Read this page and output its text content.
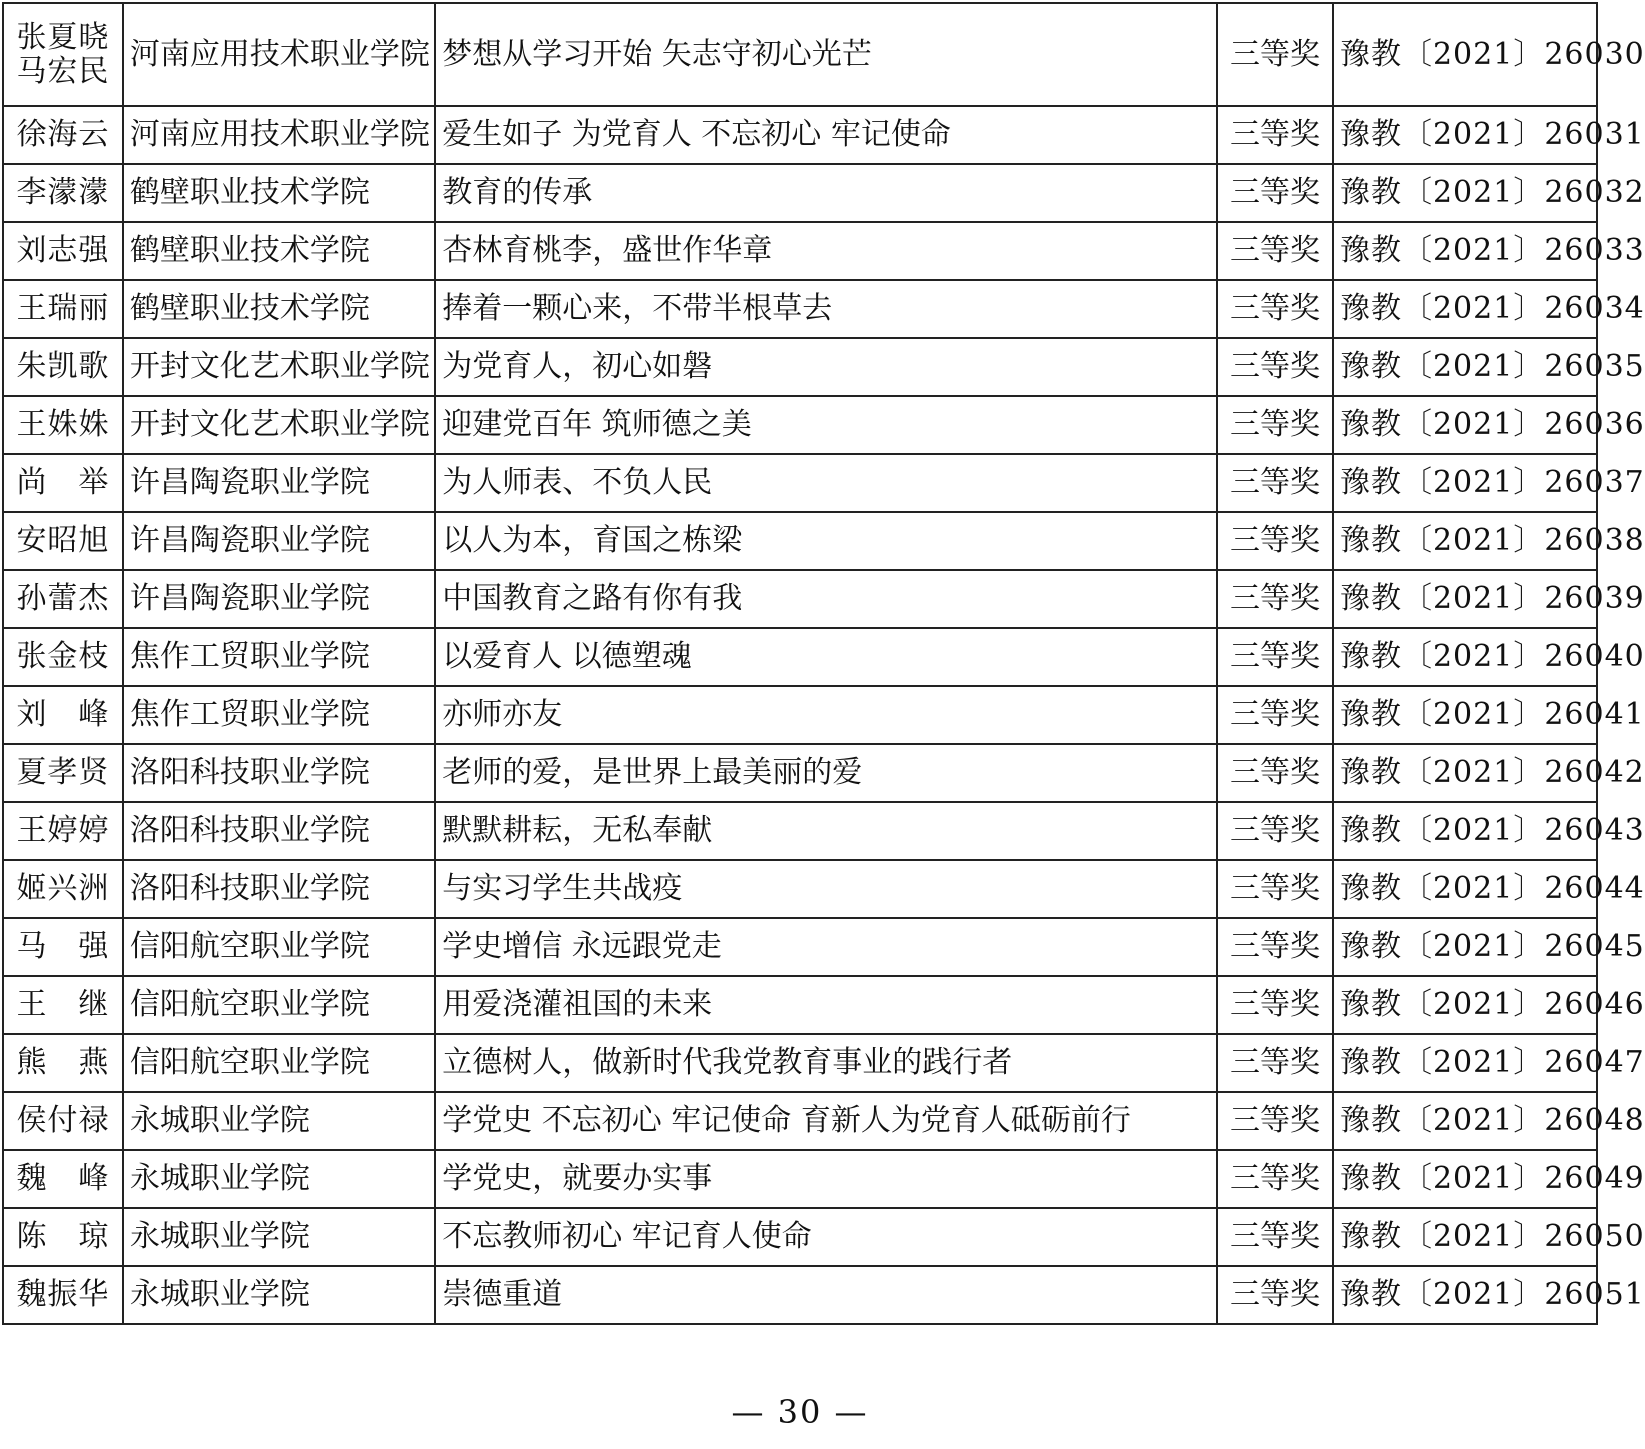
张夏晓
马宏民	河南应用技术职业学院	梦想从学习开始 矢志守初心光芒	三等奖	豫教〔2021〕26030

徐海云	河南应用技术职业学院	爱生如子 为党育人 不忘初心 牢记使命	三等奖	豫教〔2021〕26031

李濛濛	鹤壁职业技术学院	教育的传承	三等奖	豫教〔2021〕26032

刘志强	鹤壁职业技术学院	杏林育桃李，盛世作华章	三等奖	豫教〔2021〕26033

王瑞丽	鹤壁职业技术学院	捧着一颗心来，不带半根草去	三等奖	豫教〔2021〕26034

朱凯歌	开封文化艺术职业学院	为党育人，初心如磐	三等奖	豫教〔2021〕26035

王姝姝	开封文化艺术职业学院	迎建党百年 筑师德之美	三等奖	豫教〔2021〕26036

尚　举	许昌陶瓷职业学院	为人师表、不负人民	三等奖	豫教〔2021〕26037

安昭旭	许昌陶瓷职业学院	以人为本，育国之栋梁	三等奖	豫教〔2021〕26038

孙蕾杰	许昌陶瓷职业学院	中国教育之路有你有我	三等奖	豫教〔2021〕26039

张金枝	焦作工贸职业学院	以爱育人 以德塑魂	三等奖	豫教〔2021〕26040

刘　峰	焦作工贸职业学院	亦师亦友	三等奖	豫教〔2021〕26041

夏孝贤	洛阳科技职业学院	老师的爱，是世界上最美丽的爱	三等奖	豫教〔2021〕26042

王婷婷	洛阳科技职业学院	默默耕耘，无私奉献	三等奖	豫教〔2021〕26043

姬兴洲	洛阳科技职业学院	与实习学生共战疫	三等奖	豫教〔2021〕26044

马　强	信阳航空职业学院	学史增信 永远跟党走	三等奖	豫教〔2021〕26045

王　继	信阳航空职业学院	用爱浇灌祖国的未来	三等奖	豫教〔2021〕26046

熊　燕	信阳航空职业学院	立德树人，做新时代我党教育事业的践行者	三等奖	豫教〔2021〕26047

侯付禄	永城职业学院	学党史 不忘初心 牢记使命 育新人为党育人砥砺前行	三等奖	豫教〔2021〕26048

魏　峰	永城职业学院	学党史，就要办实事	三等奖	豫教〔2021〕26049

陈　琼	永城职业学院	不忘教师初心 牢记育人使命	三等奖	豫教〔2021〕26050

魏振华	永城职业学院	崇德重道	三等奖	豫教〔2021〕26051
— 30 —
